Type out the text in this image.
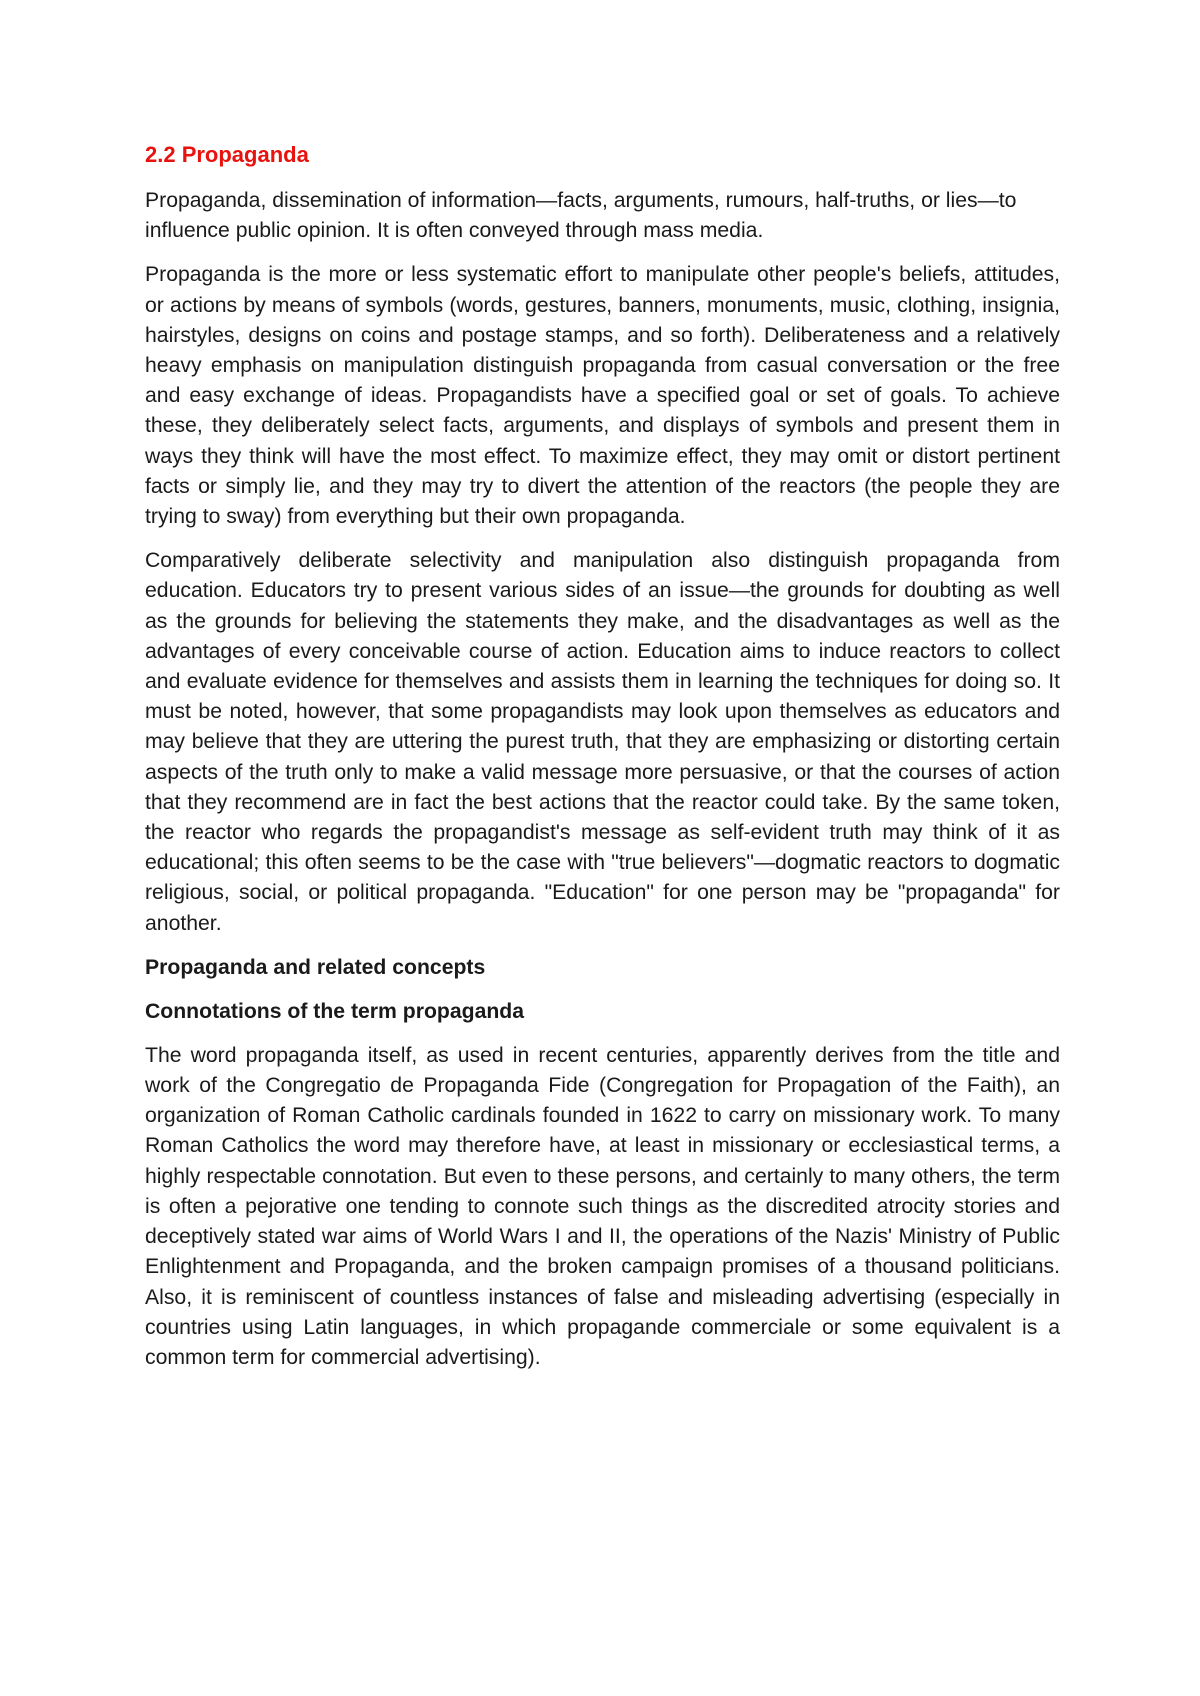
2.2 Propaganda

Propaganda, dissemination of information—facts, arguments, rumours, half-truths, or lies—to influence public opinion. It is often conveyed through mass media.

Propaganda is the more or less systematic effort to manipulate other people's beliefs, attitudes, or actions by means of symbols (words, gestures, banners, monuments, music, clothing, insignia, hairstyles, designs on coins and postage stamps, and so forth). Deliberateness and a relatively heavy emphasis on manipulation distinguish propaganda from casual conversation or the free and easy exchange of ideas. Propagandists have a specified goal or set of goals. To achieve these, they deliberately select facts, arguments, and displays of symbols and present them in ways they think will have the most effect. To maximize effect, they may omit or distort pertinent facts or simply lie, and they may try to divert the attention of the reactors (the people they are trying to sway) from everything but their own propaganda.

Comparatively deliberate selectivity and manipulation also distinguish propaganda from education. Educators try to present various sides of an issue—the grounds for doubting as well as the grounds for believing the statements they make, and the disadvantages as well as the advantages of every conceivable course of action. Education aims to induce reactors to collect and evaluate evidence for themselves and assists them in learning the techniques for doing so. It must be noted, however, that some propagandists may look upon themselves as educators and may believe that they are uttering the purest truth, that they are emphasizing or distorting certain aspects of the truth only to make a valid message more persuasive, or that the courses of action that they recommend are in fact the best actions that the reactor could take. By the same token, the reactor who regards the propagandist's message as self-evident truth may think of it as educational; this often seems to be the case with "true believers"—dogmatic reactors to dogmatic religious, social, or political propaganda. "Education" for one person may be "propaganda" for another.

Propaganda and related concepts
Connotations of the term propaganda

The word propaganda itself, as used in recent centuries, apparently derives from the title and work of the Congregatio de Propaganda Fide (Congregation for Propagation of the Faith), an organization of Roman Catholic cardinals founded in 1622 to carry on missionary work. To many Roman Catholics the word may therefore have, at least in missionary or ecclesiastical terms, a highly respectable connotation. But even to these persons, and certainly to many others, the term is often a pejorative one tending to connote such things as the discredited atrocity stories and deceptively stated war aims of World Wars I and II, the operations of the Nazis' Ministry of Public Enlightenment and Propaganda, and the broken campaign promises of a thousand politicians. Also, it is reminiscent of countless instances of false and misleading advertising (especially in countries using Latin languages, in which propagande commerciale or some equivalent is a common term for commercial advertising).
